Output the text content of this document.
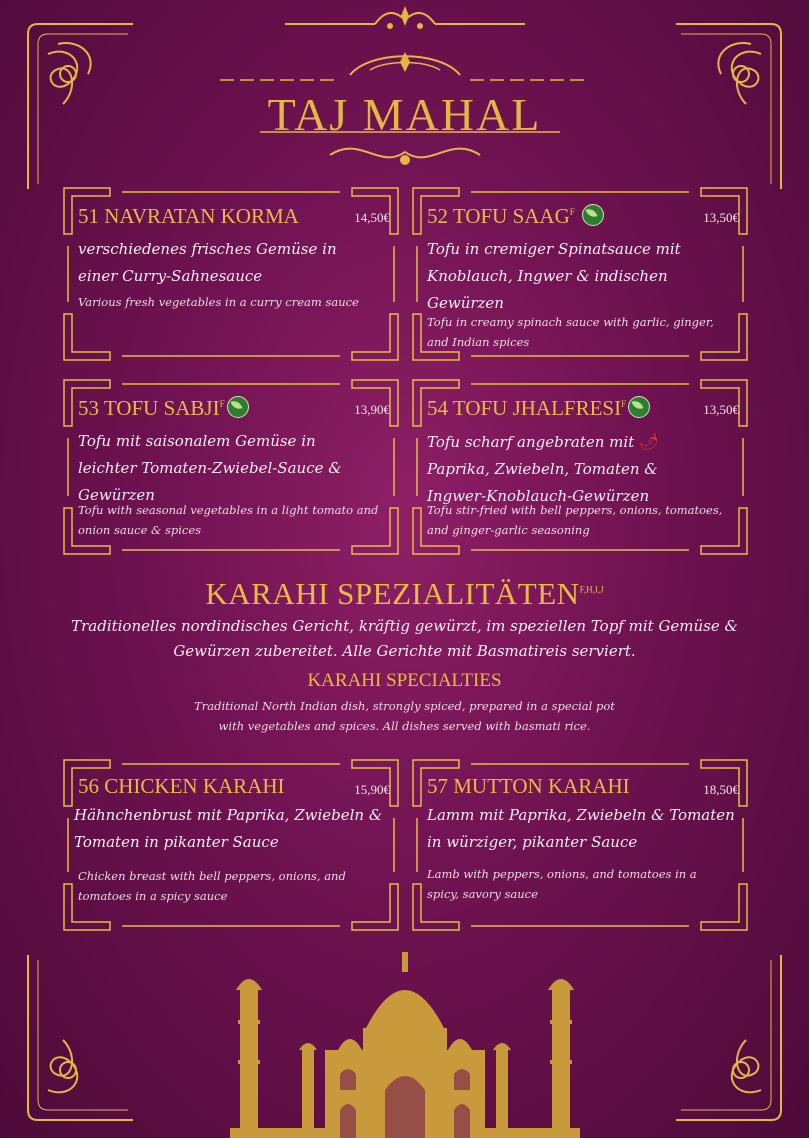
TAJ MAHAL
51 NAVRATAN KORMA	14,50€
verschiedenes frisches Gemüse in einer Curry-Sahnesauce
Various fresh vegetables in a curry cream sauce
52 TOFU $SAAG^F$	13,50€
Tofu in cremiger Spinatsauce mit Knoblauch, Ingwer & indischen Gewürzen
Tofu in creamy spinach sauce with garlic, ginger, and Indian spices
53 TOFU $SABJI^F$	13,90€
Tofu mit saisonalem Gemüse in leichter Tomaten-Zwiebel-Sauce & Gewürzen
Tofu with seasonal vegetables in a light tomato and onion sauce & spices
54 TOFU $JHALFRESI^F$	13,50€
Tofu scharf angebraten mit 🌶 Paprika, Zwiebeln, Tomaten & Ingwer-Knoblauch-Gewürzen
Tofu stir-fried with bell peppers, onions, tomatoes, and ginger-garlic seasoning
KARAHI $SPEZIALITÄTEN^{F,H,I,J}$
Traditionelles nordindisches Gericht, kräftig gewürzt, im speziellen Topf mit Gemüse & Gewürzen zubereitet. Alle Gerichte mit Basmatireis serviert.
KARAHI SPECIALTIES
Traditional North Indian dish, strongly spiced, prepared in a special pot with vegetables and spices. All dishes served with basmati rice.
56 CHICKEN KARAHI	15,90€
Hähnchenbrust mit Paprika, Zwiebeln & Tomaten in pikanter Sauce
Chicken breast with bell peppers, onions, and tomatoes in a spicy sauce
57 MUTTON KARAHI	18,50€
Lamm mit Paprika, Zwiebeln & Tomaten in würziger, pikanter Sauce
Lamb with peppers, onions, and tomatoes in a spicy, savory sauce
